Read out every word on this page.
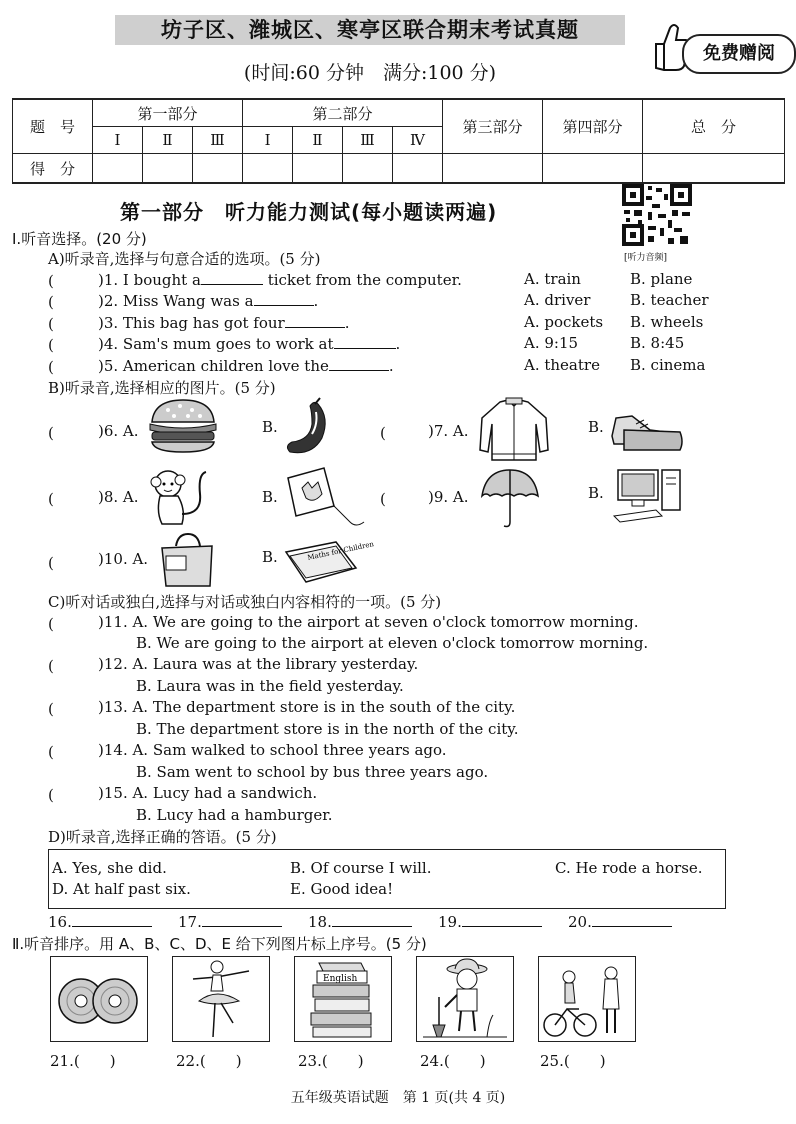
坊子区、潍城区、寒亭区联合期末考试真题
(时间:60 分钟　满分:100 分)
免费赠阅
题　号	第一部分			第二部分				第三部分	第四部分	总　分
	Ⅰ	Ⅱ	Ⅲ	Ⅰ	Ⅱ	Ⅲ	Ⅳ			
得　分										
第一部分　听力能力测试(每小题读两遍)
[听力音频]
Ⅰ.听音选择。(20 分)
A)听录音,选择与句意合适的选项。(5 分)
(　　 )1. I bought a	ticket from the computer.	A. train	B. plane
(　　 )2. Miss Wang was a	.	A. driver	B. teacher
(　　 )3. This bag has got four	.	A. pockets B. wheels
(　　 )4. Sam's mum goes to work at	.	A. 9:15	B. 8:45
(　　 )5. American children love the	.	A. theatre B. cinema
B)听录音,选择相应的图片。(5 分)
(　　 )6. A.	B.	(　　 )7. A.	B.
(　　 )8. A.	B.	(　　 )9. A.	B.
(　　 )10. A.	B.	Maths for Children
C)听对话或独白,选择与对话或独白内容相符的一项。(5 分)
(　　 )11. A. We are going to the airport at seven o'clock tomorrow morning.
B. We are going to the airport at eleven o'clock tomorrow morning.
(　　 )12. A. Laura was at the library yesterday.
B. Laura was in the field yesterday.
(　　 )13. A. The department store is in the south of the city.
B. The department store is in the north of the city.
(　　 )14. A. Sam walked to school three years ago.
B. Sam went to school by bus three years ago.
(　　 )15. A. Lucy had a sandwich.
B. Lucy had a hamburger.
D)听录音,选择正确的答语。(5 分)
A. Yes, she did.	B. Of course I will.	C. He rode a horse.
D. At half past six.	E. Good idea!
16.	17.	18.	19.	20.
Ⅱ.听音排序。用 A、B、C、D、E 给下列图片标上序号。(5 分)
English
21.(　　)	22.(　　)	23.(　　)	24.(　　)	25.(　　)
五年级英语试题　第 1 页(共 4 页)
